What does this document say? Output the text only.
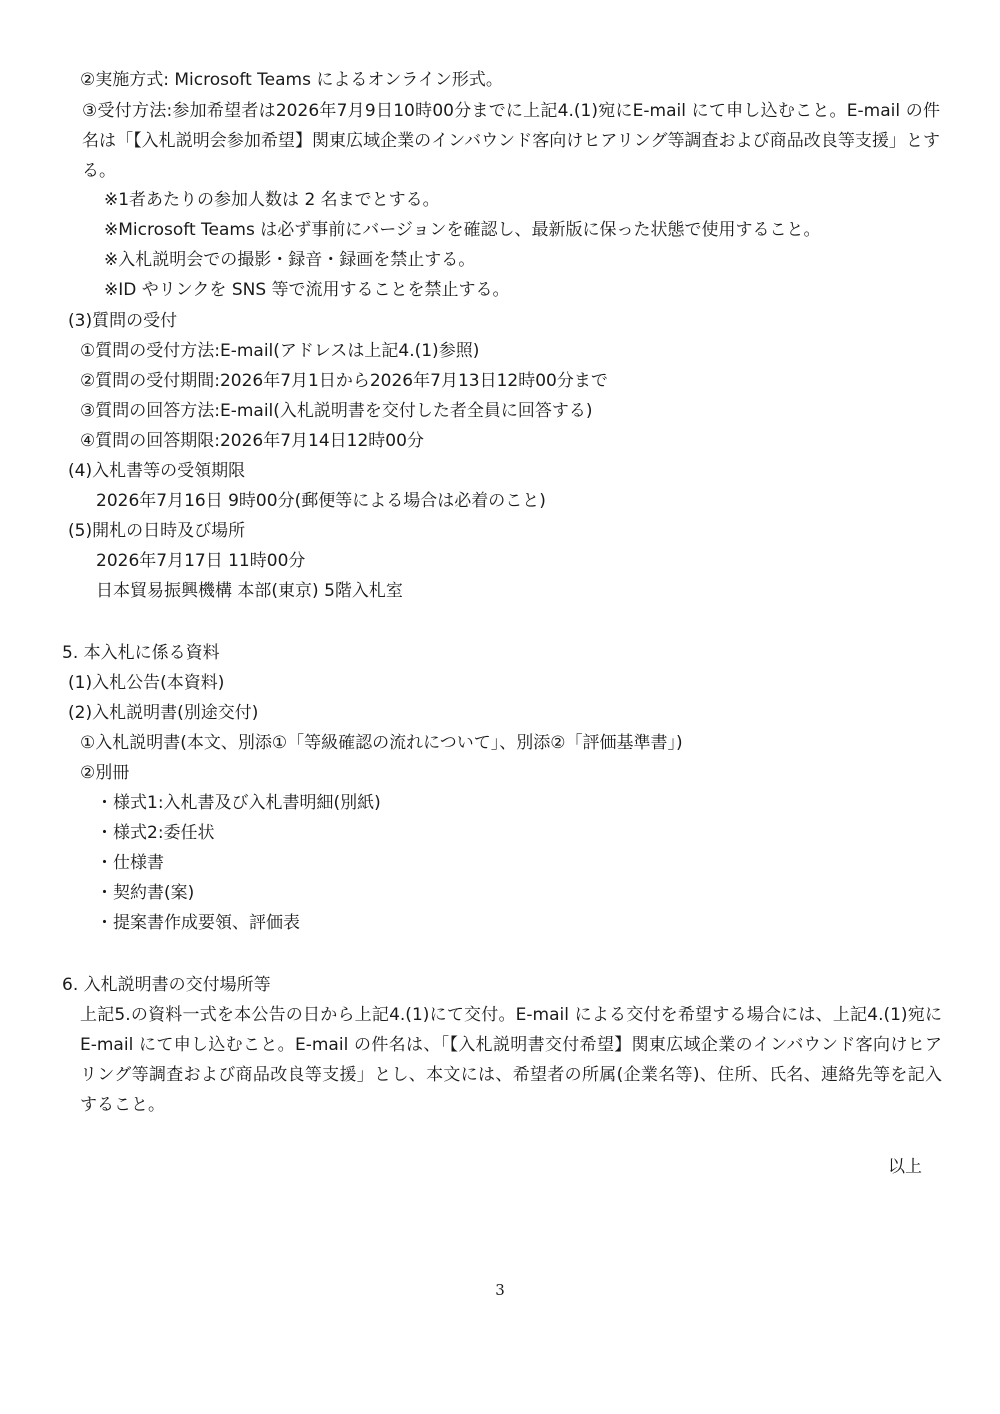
②実施方式: Microsoft Teams によるオンライン形式。
③受付方法:参加希望者は2026年7月9日10時00分までに上記4.(1)宛にE-mail にて申し込むこと。E-mail の件名は「【入札説明会参加希望】関東広域企業のインバウンド客向けヒアリング等調査および商品改良等支援」とする。
※1者あたりの参加人数は 2 名までとする。
※Microsoft Teams は必ず事前にバージョンを確認し、最新版に保った状態で使用すること。
※入札説明会での撮影・録音・録画を禁止する。
※ID やリンクを SNS 等で流用することを禁止する。
(3)質問の受付
①質問の受付方法:E-mail(アドレスは上記4.(1)参照)
②質問の受付期間:2026年7月1日から2026年7月13日12時00分まで
③質問の回答方法:E-mail(入札説明書を交付した者全員に回答する)
④質問の回答期限:2026年7月14日12時00分
(4)入札書等の受領期限
2026年7月16日 9時00分(郵便等による場合は必着のこと)
(5)開札の日時及び場所
2026年7月17日 11時00分
日本貿易振興機構 本部(東京) 5階入札室
5. 本入札に係る資料
(1)入札公告(本資料)
(2)入札説明書(別途交付)
①入札説明書(本文、別添①「等級確認の流れについて」、別添②「評価基準書」)
②別冊
・様式1:入札書及び入札書明細(別紙)
・様式2:委任状
・仕様書
・契約書(案)
・提案書作成要領、評価表
6. 入札説明書の交付場所等
上記5.の資料一式を本公告の日から上記4.(1)にて交付。E-mail による交付を希望する場合には、上記4.(1)宛に E-mail にて申し込むこと。E-mail の件名は、「【入札説明書交付希望】関東広域企業のインバウンド客向けヒアリング等調査および商品改良等支援」とし、本文には、希望者の所属(企業名等)、住所、氏名、連絡先等を記入すること。
以上
3
